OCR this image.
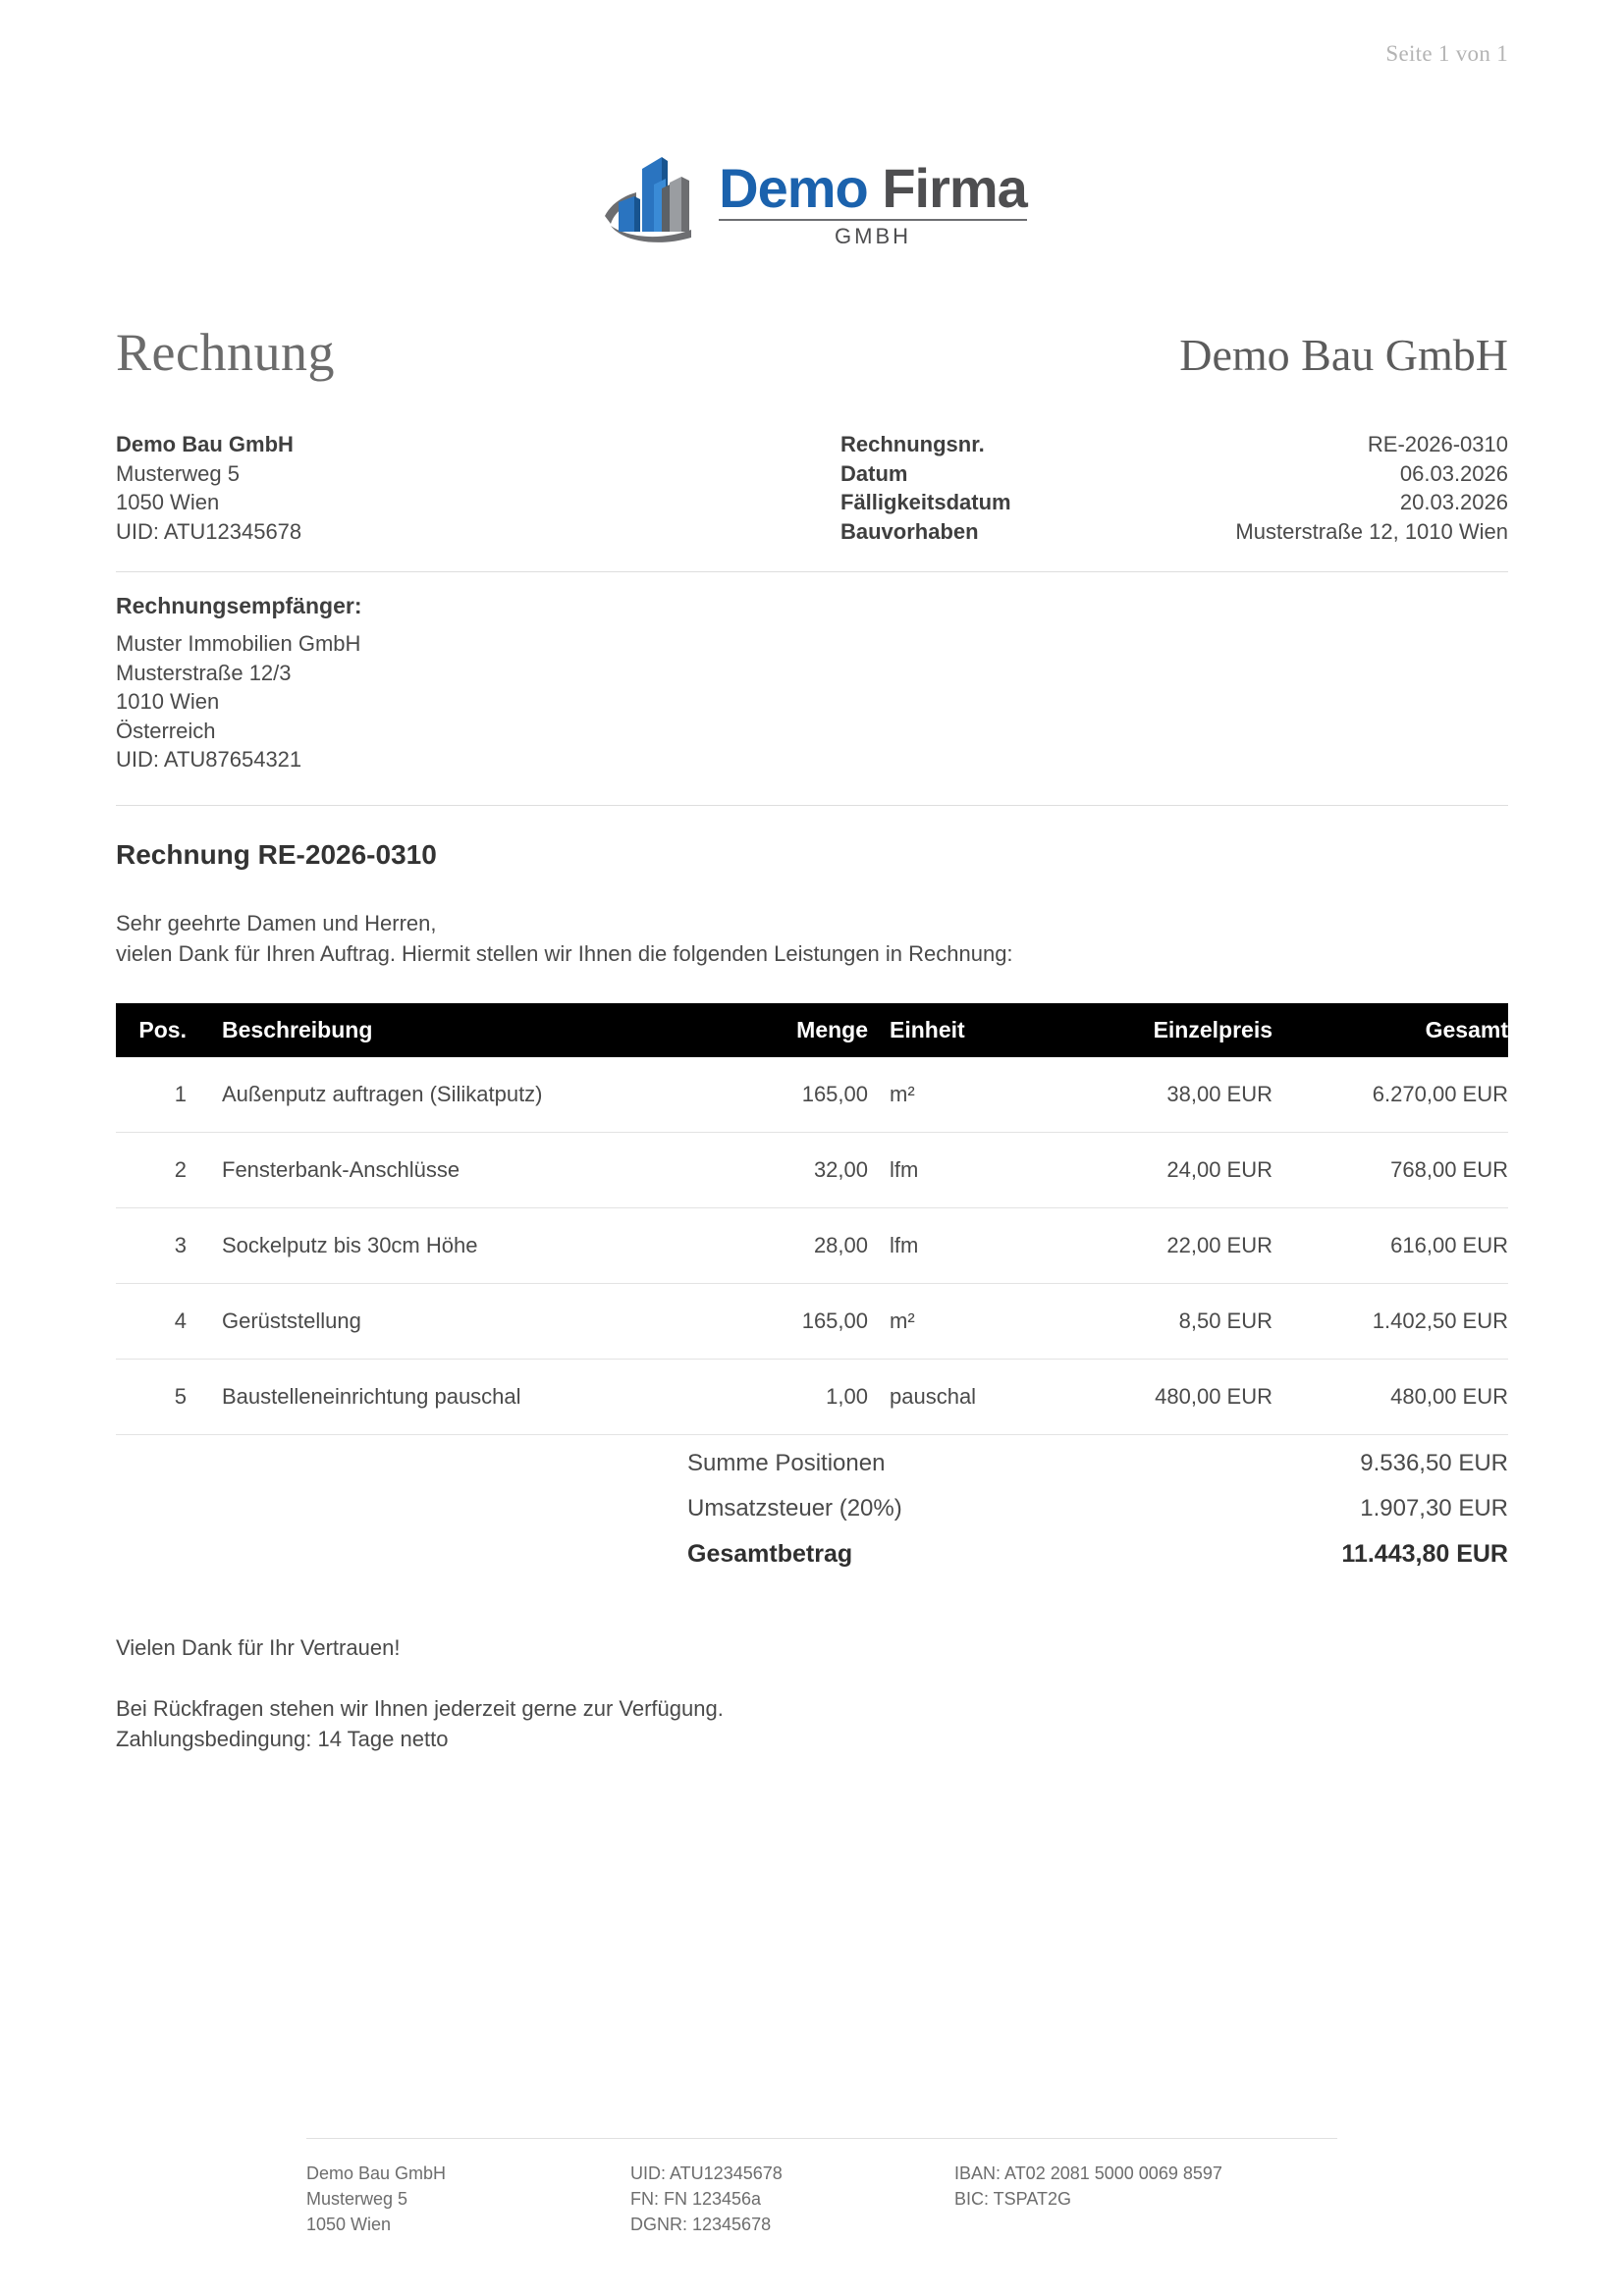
Seite 1 von 1
Demo Firma
GMBH
Rechnung	Demo Bau GmbH
Demo Bau GmbH
Musterweg 5
1050 Wien
UID: ATU12345678
Rechnungsnr.	RE-2026-0310
Datum	06.03.2026
Fälligkeitsdatum	20.03.2026
Bauvorhaben	Musterstraße 12, 1010 Wien
Rechnungsempfänger:
Muster Immobilien GmbH
Musterstraße 12/3
1010 Wien
Österreich
UID: ATU87654321
Rechnung RE-2026-0310

Sehr geehrte Damen und Herren,

vielen Dank für Ihren Auftrag. Hiermit stellen wir Ihnen die folgenden Leistungen in Rechnung:

Pos.	Beschreibung	Menge	Einheit	Einzelpreis	Gesamt
1	Außenputz auftragen (Silikatputz)	165,00	m²	38,00 EUR	6.270,00 EUR
2	Fensterbank-Anschlüsse	32,00	lfm	24,00 EUR	768,00 EUR
3	Sockelputz bis 30cm Höhe	28,00	lfm	22,00 EUR	616,00 EUR
4	Gerüststellung	165,00	m²	8,50 EUR	1.402,50 EUR
5	Baustelleneinrichtung pauschal	1,00	pauschal	480,00 EUR	480,00 EUR
Summe Positionen	9.536,50 EUR
Umsatzsteuer (20%)	1.907,30 EUR
Gesamtbetrag	11.443,80 EUR

Vielen Dank für Ihr Vertrauen!

Bei Rückfragen stehen wir Ihnen jederzeit gerne zur Verfügung.

Zahlungsbedingung: 14 Tage netto

Demo Bau GmbH
Musterweg 5
1050 Wien
UID: ATU12345678
FN: FN 123456a
DGNR: 12345678
IBAN: AT02 2081 5000 0069 8597
BIC: TSPAT2G
